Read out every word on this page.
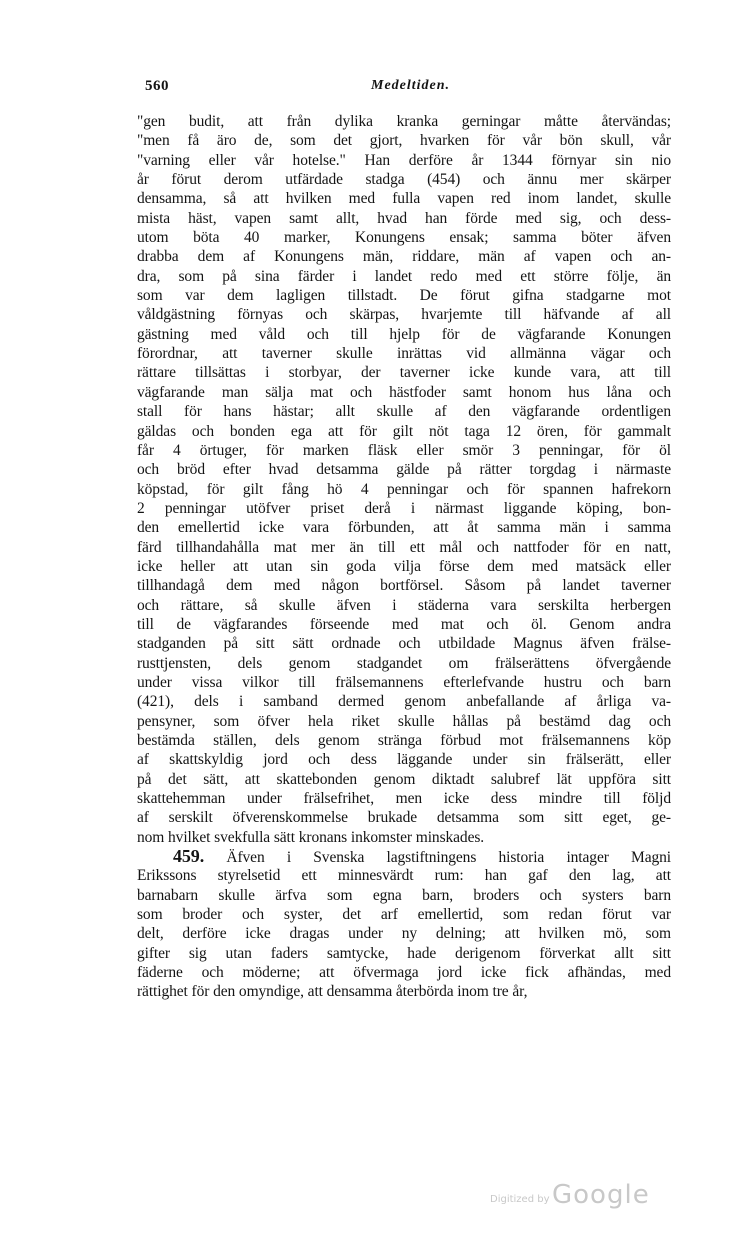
560	Medeltiden.

"gen budit, att från dylika kranka gerningar måtte återvändas;
"men få äro de, som det gjort, hvarken för vår bön skull, vår
"varning eller vår hotelse." Han derföre år 1344 förnyar sin nio
år förut derom utfärdade stadga (454) och ännu mer skärper
densamma, så att hvilken med fulla vapen red inom landet, skulle
mista häst, vapen samt allt, hvad han förde med sig, och dess-
utom böta 40 marker, Konungens ensak; samma böter äfven
drabba dem af Konungens män, riddare, män af vapen och an-
dra, som på sina färder i landet redo med ett större följe, än
som var dem lagligen tillstadt. De förut gifna stadgarne mot
våldgästning förnyas och skärpas, hvarjemte till häfvande af all
gästning med våld och till hjelp för de vägfarande Konungen
förordnar, att taverner skulle inrättas vid allmänna vägar och
rättare tillsättas i storbyar, der taverner icke kunde vara, att till
vägfarande man sälja mat och hästfoder samt honom hus låna och
stall för hans hästar; allt skulle af den vägfarande ordentligen
gäldas och bonden ega att för gilt nöt taga 12 ören, för gammalt
får 4 örtuger, för marken fläsk eller smör 3 penningar, för öl
och bröd efter hvad detsamma gälde på rätter torgdag i närmaste
köpstad, för gilt fång hö 4 penningar och för spannen hafrekorn
2 penningar utöfver priset derå i närmast liggande köping, bon-
den emellertid icke vara förbunden, att åt samma män i samma
färd tillhandahålla mat mer än till ett mål och nattfoder för en natt,
icke heller att utan sin goda vilja förse dem med matsäck eller
tillhandagå dem med någon bortförsel. Såsom på landet taverner
och rättare, så skulle äfven i städerna vara serskilta herbergen
till de vägfarandes förseende med mat och öl. Genom andra
stadganden på sitt sätt ordnade och utbildade Magnus äfven frälse-
rusttjensten, dels genom stadgandet om frälserättens öfvergående
under vissa vilkor till frälsemannens efterlefvande hustru och barn
(421), dels i samband dermed genom anbefallande af årliga va-
pensyner, som öfver hela riket skulle hållas på bestämd dag och
bestämda ställen, dels genom stränga förbud mot frälsemannens köp
af skattskyldig jord och dess läggande under sin frälserätt, eller
på det sätt, att skattebonden genom diktadt salubref lät uppföra sitt
skattehemman under frälsefrihet, men icke dess mindre till följd
af serskilt öfverenskommelse brukade detsamma som sitt eget, ge-
nom hvilket svekfulla sätt kronans inkomster minskades.

459. Äfven i Svenska lagstiftningens historia intager Magni
Erikssons styrelsetid ett minnesvärdt rum: han gaf den lag, att
barnabarn skulle ärfva som egna barn, broders och systers barn
som broder och syster, det arf emellertid, som redan förut var
delt, derföre icke dragas under ny delning; att hvilken mö, som
gifter sig utan faders samtycke, hade derigenom förverkat allt sitt
fäderne och möderne; att öfvermaga jord icke fick afhändas, med
rättighet för den omyndige, att densamma återbörda inom tre år,

Digitized by Google
